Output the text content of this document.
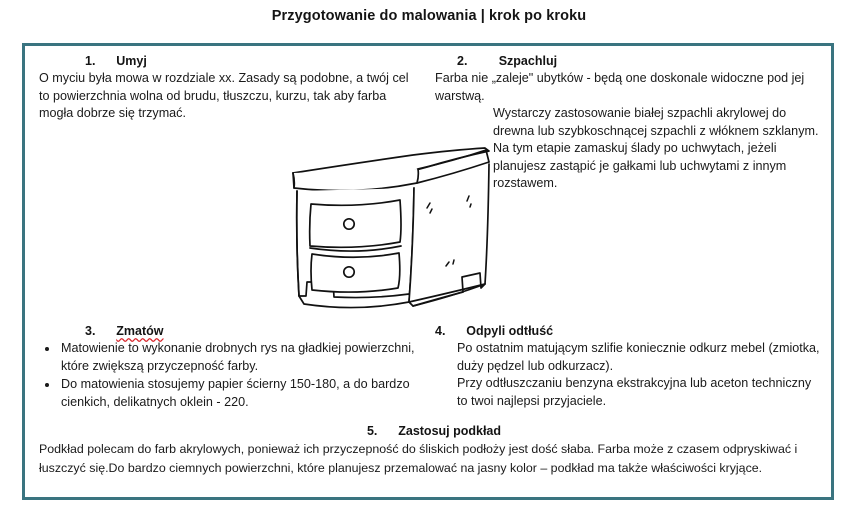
Przygotowanie do malowania | krok po kroku
1. Umyj

O myciu była mowa w rozdziale xx. Zasady są podobne, a twój cel to powierzchnia wolna od brudu, tłuszczu, kurzu, tak aby farba mogła dobrze się trzymać.

2.	Szpachluj

Farba nie „zaleje" ubytków - będą one doskonale widoczne pod jej warstwą.

Wystarczy zastosowanie białej szpachli akrylowej do drewna lub szybkoschnącej szpachli z włóknem szklanym.

Na tym etapie zamaskuj ślady po uchwytach, jeżeli planujesz zastąpić je gałkami lub uchwytami z innym rozstawem.

3. Zmatów
Matowienie to wykonanie drobnych rys na gładkiej powierzchni, które zwiększą przyczepność farby.
Do matowienia stosujemy papier ścierny 150-180, a do bardzo cienkich, delikatnych oklein - 220.
4. Odpyli odtłuść

Po ostatnim matującym szlifie koniecznie odkurz mebel (zmiotka, duży pędzel lub odkurzacz).

Przy odtłuszczaniu benzyna ekstrakcyjna lub aceton techniczny to twoi najlepsi przyjaciele.

5. Zastosuj podkład

Podkład polecam do farb akrylowych, ponieważ ich przyczepność do śliskich podłoży jest dość słaba. Farba może z czasem odpryskiwać i łuszczyć się.Do bardzo ciemnych powierzchni, które planujesz przemalować na jasny kolor – podkład ma także właściwości kryjące.
